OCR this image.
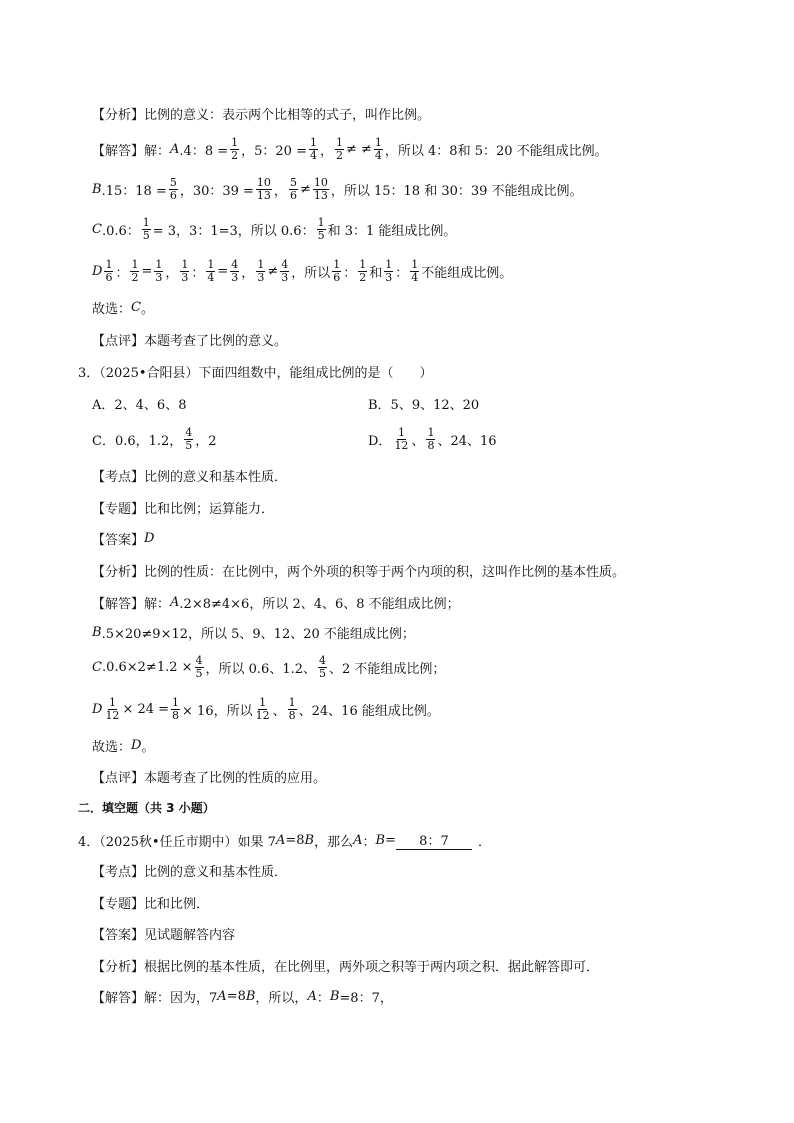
【分析】 比例的意义：表示两个比相等的式子，叫作比例。
【解答】 解： A .4：$8 = \frac{1}{2}$ ，5：$20 = \frac{1}{4}$ ， $\frac{1}{2}$ ≠ ≠ $\frac{1}{4}$ ，所以 4：8和 5：20 不能组成比例。
B .15：$18 = \frac{5}{6}$ ，30：$39 = \frac{10}{13}$ ， $\frac{5}{6} \ne \frac{10}{13}$ ，所以 15：18 和 30：39 不能组成比例。
C .0.6： $\frac{1}{5} = 3$，3：1=3，所以 0.6： $\frac{1}{5}$ 和 3：1 能组成比例。
D $\frac{1}{6}$ ： $\frac{1}{2} = \frac{1}{3}$ ， $\frac{1}{3}$ ： $\frac{1}{4} = \frac{4}{3}$ ， $\frac{1}{3} \ne \frac{4}{3}$ ，所以 $\frac{1}{6}$ ： $\frac{1}{2}$ 和 $\frac{1}{3}$ ： $\frac{1}{4}$ 不能组成比例。
故选： C 。
【点评】 本题考查了比例的意义。
3．（2025•合阳县）下面四组数中，能组成比例的是（　　）
A．2、4、6、8	B．5、9、12、20
C．0.6，1.2， $\frac{4}{5}$ ，2	D． $\frac{1}{12}$ 、 $\frac{1}{8}$ 、24、16
【考点】 比例的意义和基本性质．
【专题】 比和比例；运算能力．
【答案】 D
【分析】 比例的性质：在比例中，两个外项的积等于两个内项的积，这叫作比例的基本性质。
【解答】 解： A .2×8≠4×6，所以 2、4、6、8 不能组成比例；
B .5×20≠9×12，所以 5、9、12、20 不能组成比例；
C $.0.6\times 2\ne 1.2 \times \frac{4}{5}$ ，所以 0.6、1.2、 $\frac{4}{5}$ 、2 不能组成比例；
D $\frac{1}{12} \times 24 = \frac{1}{8} \times 16$，所以 $\frac{1}{12}$ 、 $\frac{1}{8}$ 、24、16 能组成比例。
故选： D 。
【点评】 本题考查了比例的性质的应用。
二．填空题（共 3 小题）
4．（2025秋•任丘市期中）如果 7 A =8 B ，那么 A ： B =	8：7	．
【考点】 比例的意义和基本性质．
【专题】 比和比例．
【答案】 见试题解答内容
【分析】 根据比例的基本性质，在比例里，两外项之积等于两内项之积．据此解答即可．
【解答】 解：因为，7 A =8 B ，所以， A ： B =8：7，
